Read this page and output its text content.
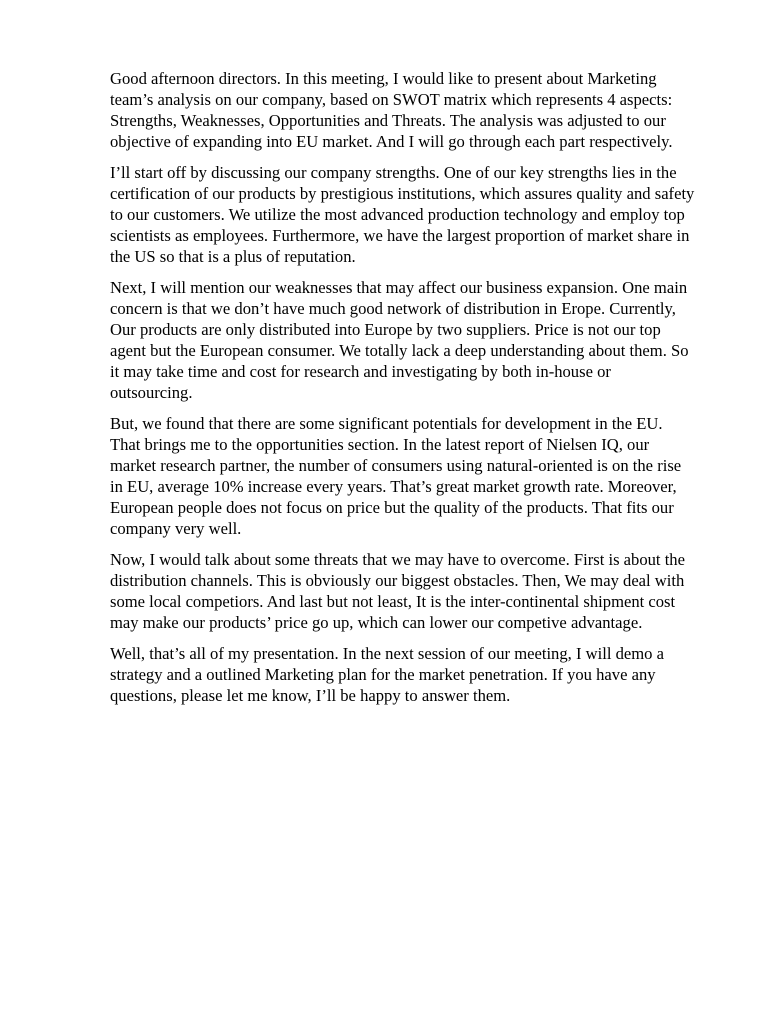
Good afternoon directors. In this meeting, I would like to present about Marketing team’s analysis on our company, based on SWOT matrix which represents 4 aspects: Strengths, Weaknesses, Opportunities and Threats. The analysis was adjusted to our objective of expanding into EU market. And I will go through each part respectively.

I’ll start off by discussing our company strengths. One of our key strengths lies in the certification of our products by prestigious institutions, which assures quality and safety to our customers. We utilize the most advanced production technology and employ top scientists as employees. Furthermore, we have the largest proportion of market share in the US so that is a plus of reputation.

Next, I will mention our weaknesses that may affect our business expansion. One main concern is that we don’t have much good network of distribution in Erope. Currently, Our products are only distributed into Europe by two suppliers. Price is not our top agent but the European consumer. We totally lack a deep understanding about them. So it may take time and cost for research and investigating by both in-house or outsourcing.

But, we found that there are some significant potentials for development in the EU. That brings me to the opportunities section. In the latest report of Nielsen IQ, our market research partner, the number of consumers using natural-oriented is on the rise in EU, average 10% increase every years. That’s great market growth rate. Moreover, European people does not focus on price but the quality of the products. That fits our company very well.

Now, I would talk about some threats that we may have to overcome. First is about the distribution channels. This is obviously our biggest obstacles. Then, We may deal with some local competiors. And last but not least, It is the inter-continental shipment cost may make our products’ price go up, which can lower our competive advantage.

Well, that’s all of my presentation. In the next session of our meeting, I will demo a strategy and a outlined Marketing plan for the market penetration. If you have any questions, please let me know, I’ll be happy to answer them.
